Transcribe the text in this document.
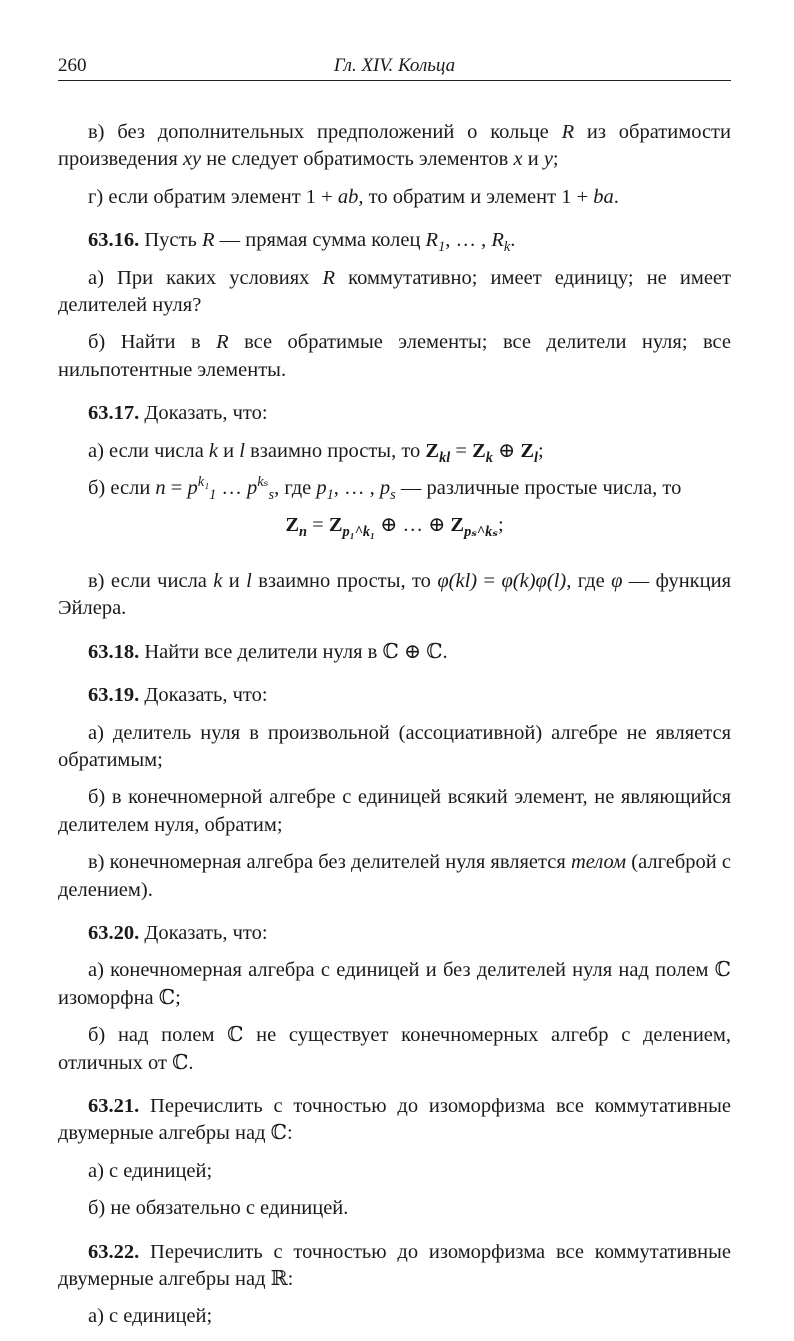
260	Гл. XIV. Кольца

в) без дополнительных предположений о кольце R из обратимости произведения xy не следует обратимость элементов x и y;

г) если обратим элемент 1 + ab, то обратим и элемент 1 + ba.

63.16. Пусть R — прямая сумма колец $R_1$, … , $R_k$.

а) При каких условиях R коммутативно; имеет единицу; не имеет делителей нуля?

б) Найти в R все обратимые элементы; все делители нуля; все нильпотентные элементы.

63.17. Доказать, что:

а) если числа k и l взаимно просты, то $Z_{kl} = Z_k$ ⊕ $Z_l$;

б) если $n = p^{k_1}_1$ … $p^{k_s}_s$, где $p_1$, … , $p_s$ — различные простые числа, то

$Z_n = Z_{p_1\^{}k_1}$ ⊕ … ⊕ $Z_{p_s\^{}k_s}$;

в) если числа k и l взаимно просты, то φ(kl) = φ(k)φ(l), где φ — функция Эйлера.

63.18. Найти все делители нуля в ℂ ⊕ ℂ.

63.19. Доказать, что:

а) делитель нуля в произвольной (ассоциативной) алгебре не является обратимым;

б) в конечномерной алгебре с единицей всякий элемент, не являющийся делителем нуля, обратим;

в) конечномерная алгебра без делителей нуля является телом (алгеброй с делением).

63.20. Доказать, что:

а) конечномерная алгебра с единицей и без делителей нуля над полем ℂ изоморфна ℂ;

б) над полем ℂ не существует конечномерных алгебр с делением, отличных от ℂ.

63.21. Перечислить с точностью до изоморфизма все коммутативные двумерные алгебры над ℂ:

а) с единицей;

б) не обязательно с единицей.

63.22. Перечислить с точностью до изоморфизма все коммутативные двумерные алгебры над ℝ:

а) с единицей;
